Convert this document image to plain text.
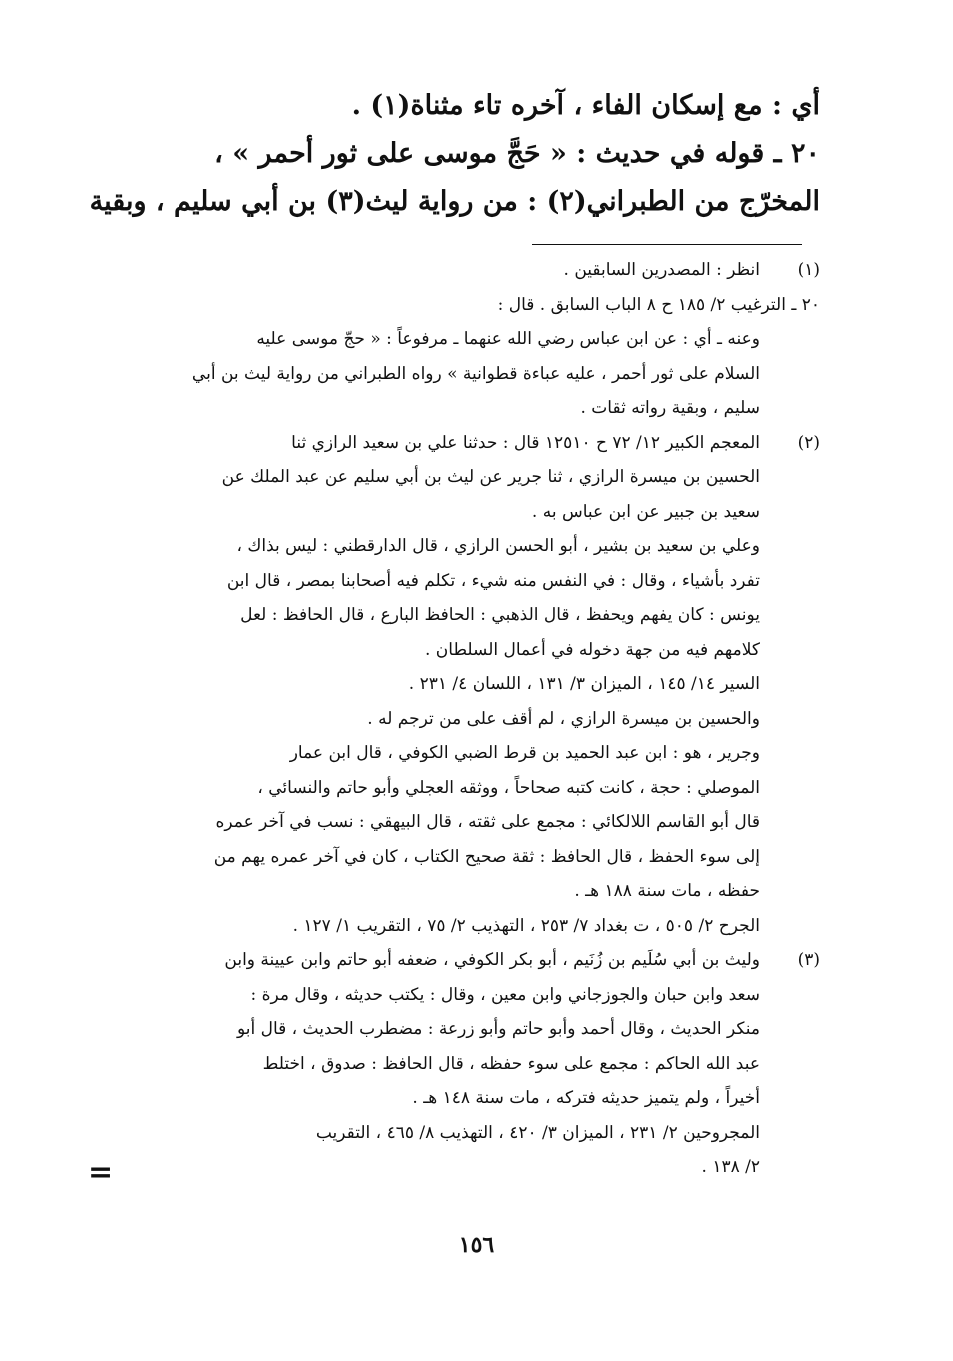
أي : مع إسكان الفاء ، آخره تاء مثناة(١) .
٢٠ ـ قوله في حديث : « حَجَّ موسى على ثور أحمر » ،
المخرّج من الطبراني(٢) : من رواية ليث(٣) بن أبي سليم ، وبقية
(١)
انظر : المصدرين السابقين .
٢٠ ـ الترغيب ٢/ ١٨٥ ح ٨ الباب السابق . قال :
وعنه ـ أي : عن ابن عباس رضي الله عنهما ـ مرفوعاً : « حجّ موسى عليه
السلام على ثور أحمر ، عليه عباءة قطوانية » رواه الطبراني من رواية ليث بن أبي
سليم ، وبقية رواته ثقات .
(٢)
المعجم الكبير ١٢/ ٧٢ ح ١٢٥١٠ قال : حدثنا علي بن سعيد الرازي ثنا
الحسين بن ميسرة الرازي ، ثنا جرير عن ليث بن أبي سليم عن عبد الملك عن
سعيد بن جبير عن ابن عباس به .
وعلي بن سعيد بن بشير ، أبو الحسن الرازي ، قال الدارقطني : ليس بذاك ،
تفرد بأشياء ، وقال : في النفس منه شيء ، تكلم فيه أصحابنا بمصر ، قال ابن
يونس : كان يفهم ويحفظ ، قال الذهبي : الحافظ البارع ، قال الحافظ : لعل
كلامهم فيه من جهة دخوله في أعمال السلطان .
السير ١٤/ ١٤٥ ، الميزان ٣/ ١٣١ ، اللسان ٤/ ٢٣١ .
والحسين بن ميسرة الرازي ، لم أقف على من ترجم له .
وجرير ، هو : ابن عبد الحميد بن قرط الضبي الكوفي ، قال ابن عمار
الموصلي : حجة ، كانت كتبه صحاحاً ، ووثقه العجلي وأبو حاتم والنسائي ،
قال أبو القاسم اللالكائي : مجمع على ثقته ، قال البيهقي : نسب في آخر عمره
إلى سوء الحفظ ، قال الحافظ : ثقة صحيح الكتاب ، كان في آخر عمره يهم من
حفظه ، مات سنة ١٨٨ هـ .
الجرح ٢/ ٥٠٥ ، ت بغداد ٧/ ٢٥٣ ، التهذيب ٢/ ٧٥ ، التقريب ١/ ١٢٧ .
(٣)
وليث بن أبي سُلَيم بن زُنَيم ، أبو بكر الكوفي ، ضعفه أبو حاتم وابن عيينة وابن
سعد وابن حبان والجوزجاني وابن معين ، وقال : يكتب حديثه ، وقال مرة :
منكر الحديث ، وقال أحمد وأبو حاتم وأبو زرعة : مضطرب الحديث ، قال أبو
عبد الله الحاكم : مجمع على سوء حفظه ، قال الحافظ : صدوق ، اختلط
أخيراً ، ولم يتميز حديثه فتركه ، مات سنة ١٤٨ هـ .
المجروحين ٢/ ٢٣١ ، الميزان ٣/ ٤٢٠ ، التهذيب ٨/ ٤٦٥ ، التقريب
٢/ ١٣٨ .
=
١٥٦
